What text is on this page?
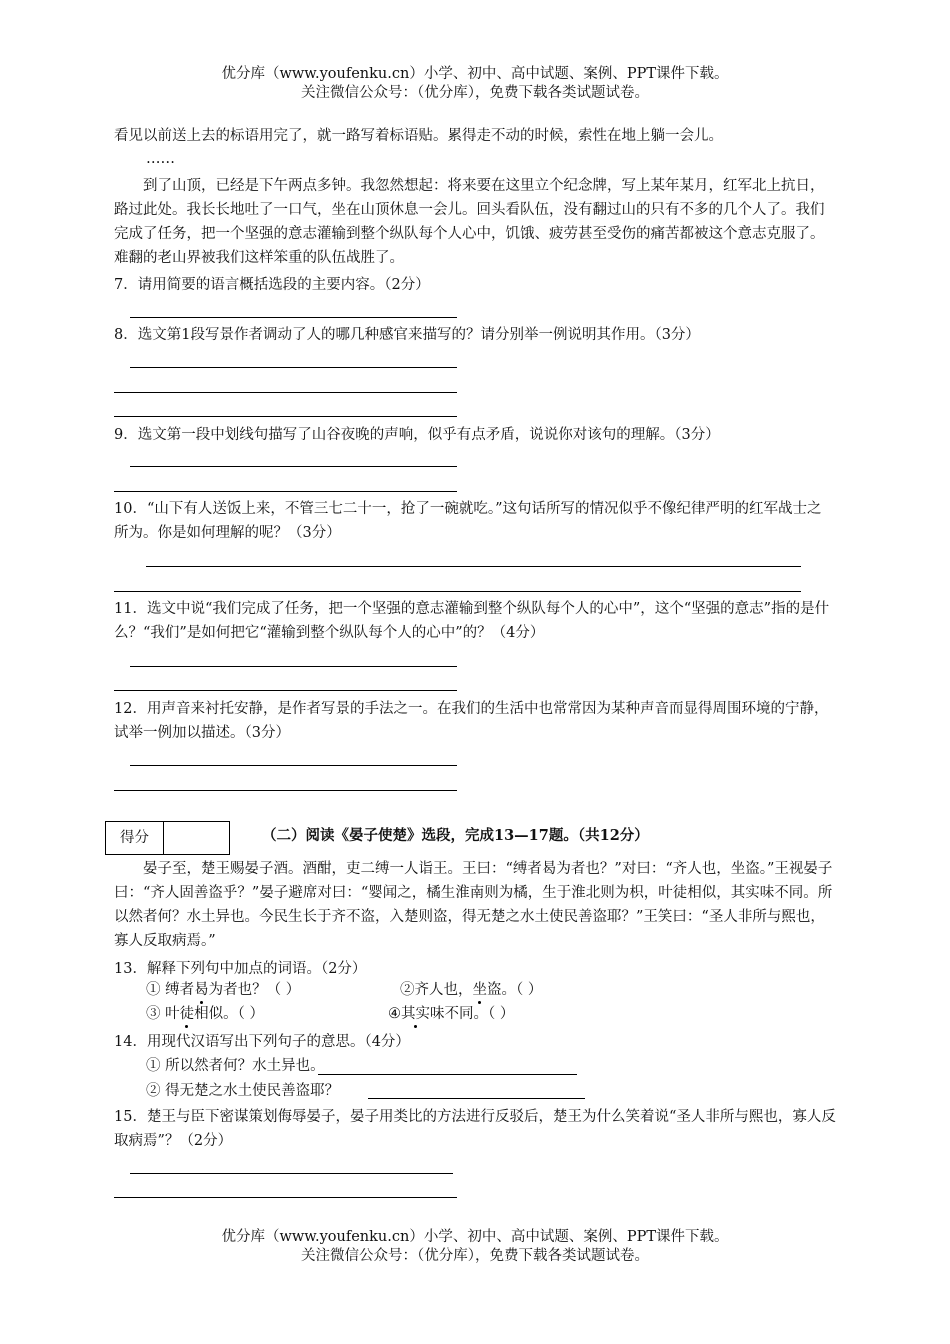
优分库（www.youfenku.cn）小学、初中、高中试题、案例、PPT课件下载。
关注微信公众号：（优分库），免费下载各类试题试卷。

看见以前送上去的标语用完了，就一路写着标语贴。累得走不动的时候，索性在地上躺一会儿。

……

到了山顶，已经是下午两点多钟。我忽然想起：将来要在这里立个纪念牌，写上某年某月，红军北上抗日，路过此处。我长长地吐了一口气，坐在山顶休息一会儿。回头看队伍，没有翻过山的只有不多的几个人了。我们完成了任务，把一个坚强的意志灌输到整个纵队每个人心中，饥饿、疲劳甚至受伤的痛苦都被这个意志克服了。难翻的老山界被我们这样笨重的队伍战胜了。

7．请用简要的语言概括选段的主要内容。（2分）

8．选文第1段写景作者调动了人的哪几种感官来描写的？请分别举一例说明其作用。（3分）

9．选文第一段中划线句描写了山谷夜晚的声响，似乎有点矛盾，说说你对该句的理解。（3分）

10．“山下有人送饭上来，不管三七二十一，抢了一碗就吃。”这句话所写的情况似乎不像纪律严明的红军战士之所为。你是如何理解的呢？（3分）

11．选文中说“我们完成了任务，把一个坚强的意志灌输到整个纵队每个人的心中”，这个“坚强的意志”指的是什么？“我们”是如何把它“灌输到整个纵队每个人的心中”的？（4分）

12．用声音来衬托安静，是作者写景的手法之一。在我们的生活中也常常因为某种声音而显得周围环境的宁静，试举一例加以描述。（3分）

得分	（二）阅读《晏子使楚》选段，完成13—17题。（共12分）

晏子至，楚王赐晏子酒。酒酣，吏二缚一人诣王。王曰：“缚者曷为者也？”对曰：“齐人也，坐盗。”王视晏子曰：“齐人固善盗乎？”晏子避席对曰：“婴闻之，橘生淮南则为橘，生于淮北则为枳，叶徒相似，其实味不同。所以然者何？水土异也。今民生长于齐不盗，入楚则盗，得无楚之水土使民善盗耶？”王笑曰：“圣人非所与熙也，寡人反取病焉。”

13．解释下列句中加点的词语。（2分）

① 缚者曷为者也？（ ）	②齐人也，坐盗。（ ）
③ 叶徒相似。（ ）	④其实味不同。（ ）

14．用现代汉语写出下列句子的意思。（4分）

① 所以然者何？水土异也。
② 得无楚之水土使民善盗耶？

15．楚王与臣下密谋策划侮辱晏子，晏子用类比的方法进行反驳后，楚王为什么笑着说“圣人非所与熙也，寡人反取病焉”？（2分）

优分库（www.youfenku.cn）小学、初中、高中试题、案例、PPT课件下载。
关注微信公众号：（优分库），免费下载各类试题试卷。
